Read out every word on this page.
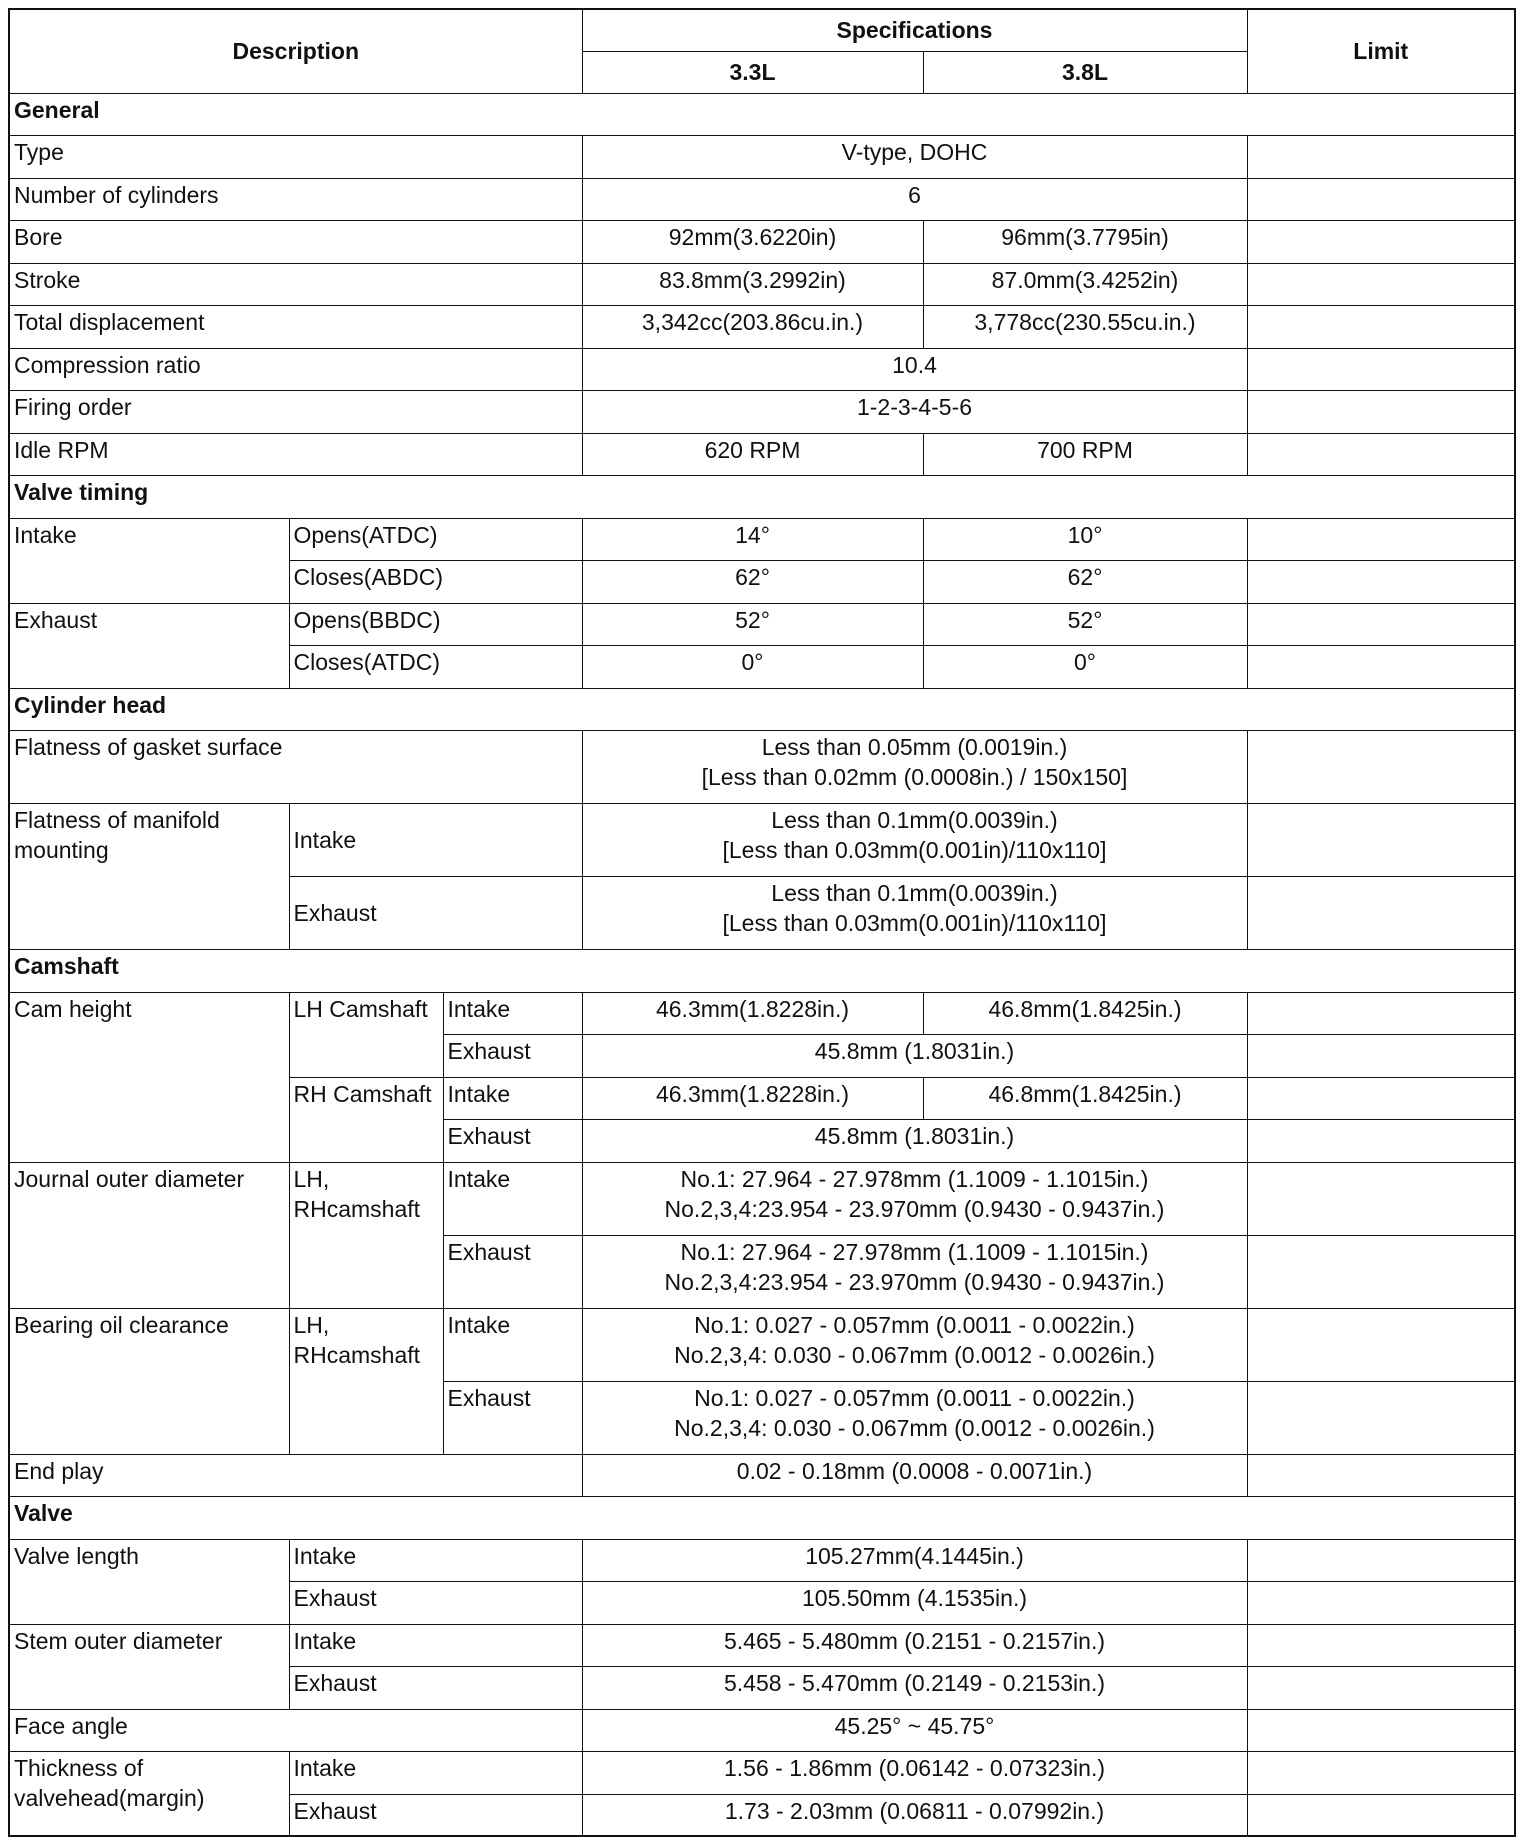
Description			Specifications		Limit
			3.3L	3.8L	
General					
Type			V-type, DOHC		
Number of cylinders			6		
Bore			92mm(3.6220in)	96mm(3.7795in)	
Stroke			83.8mm(3.2992in)	87.0mm(3.4252in)	
Total displacement			3,342cc(203.86cu.in.)	3,778cc(230.55cu.in.)	
Compression ratio			10.4		
Firing order			1-2-3-4-5-6		
Idle RPM			620 RPM	700 RPM	
Valve timing					
Intake	Opens(ATDC)		14°	10°	
	Closes(ABDC)		62°	62°	
Exhaust	Opens(BBDC)		52°	52°	
	Closes(ATDC)		0°	0°	
Cylinder head					
Flatness of gasket surface			Less than 0.05mm (0.0019in.)
[Less than 0.02mm (0.0008in.) / 150x150]		

Flatness of manifold mounting	Intake		Less than 0.1mm(0.0039in.)
[Less than 0.03mm(0.001in)/110x110]		

	Exhaust		Less than 0.1mm(0.0039in.)
[Less than 0.03mm(0.001in)/110x110]		

Camshaft					
Cam height	LH Camshaft	Intake	46.3mm(1.8228in.)	46.8mm(1.8425in.)	
		Exhaust	45.8mm (1.8031in.)		
	RH Camshaft	Intake	46.3mm(1.8228in.)	46.8mm(1.8425in.)	
		Exhaust	45.8mm (1.8031in.)		
Journal outer diameter	LH, RHcamshaft	Intake	No.1: 27.964 - 27.978mm (1.1009 - 1.1015in.)
No.2,3,4:23.954 - 23.970mm (0.9430 - 0.9437in.)		

		Exhaust	No.1: 27.964 - 27.978mm (1.1009 - 1.1015in.)
No.2,3,4:23.954 - 23.970mm (0.9430 - 0.9437in.)		

Bearing oil clearance	LH, RHcamshaft	Intake	No.1: 0.027 - 0.057mm (0.0011 - 0.0022in.)
No.2,3,4: 0.030 - 0.067mm (0.0012 - 0.0026in.)		

		Exhaust	No.1: 0.027 - 0.057mm (0.0011 - 0.0022in.)
No.2,3,4: 0.030 - 0.067mm (0.0012 - 0.0026in.)		

End play			0.02 - 0.18mm (0.0008 - 0.0071in.)		
Valve					
Valve length	Intake		105.27mm(4.1445in.)		
	Exhaust		105.50mm (4.1535in.)		
Stem outer diameter	Intake		5.465 - 5.480mm (0.2151 - 0.2157in.)		
	Exhaust		5.458 - 5.470mm (0.2149 - 0.2153in.)		
Face angle			45.25° ~ 45.75°		
Thickness of valvehead(margin)	Intake		1.56 - 1.86mm (0.06142 - 0.07323in.)		
	Exhaust		1.73 - 2.03mm (0.06811 - 0.07992in.)		
